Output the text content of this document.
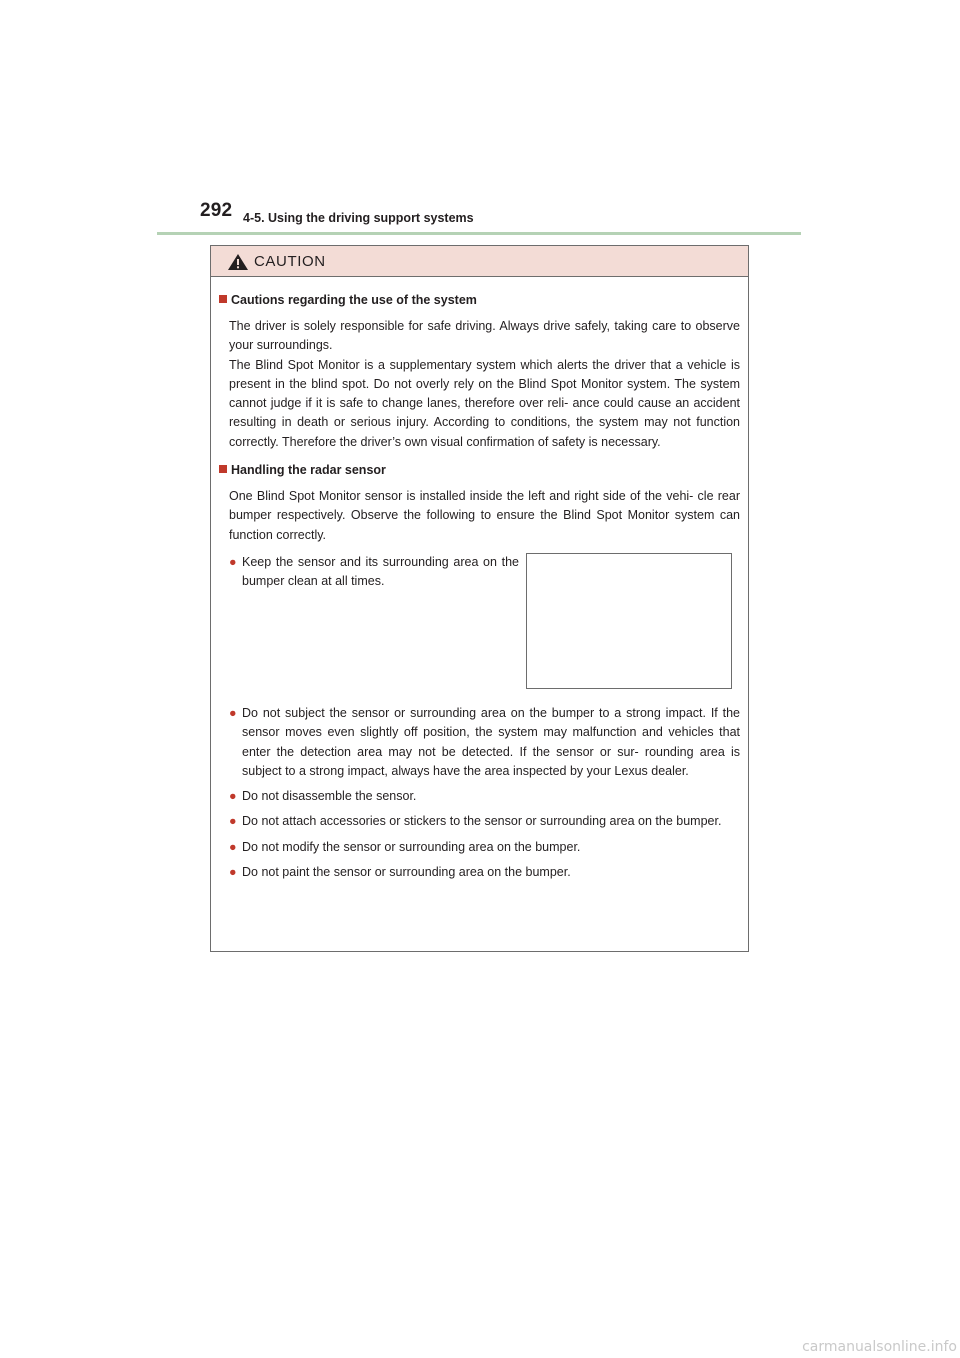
292 4-5. Using the driving support systems
CAUTION
Cautions regarding the use of the system

The driver is solely responsible for safe driving. Always drive safely, taking care to observe your surroundings.

The Blind Spot Monitor is a supplementary system which alerts the driver that a vehicle is present in the blind spot. Do not overly rely on the Blind Spot Monitor system. The system cannot judge if it is safe to change lanes, therefore over reli- ance could cause an accident resulting in death or serious injury. According to conditions, the system may not function correctly. Therefore the driver’s own visual confirmation of safety is necessary.

Handling the radar sensor

One Blind Spot Monitor sensor is installed inside the left and right side of the vehi- cle rear bumper respectively. Observe the following to ensure the Blind Spot Monitor system can function correctly.

● Keep the sensor and its surrounding area on the bumper clean at all times.
● Do not subject the sensor or surrounding area on the bumper to a strong impact. If the sensor moves even slightly off position, the system may malfunction and vehicles that enter the detection area may not be detected. If the sensor or sur- rounding area is subject to a strong impact, always have the area inspected by your Lexus dealer.
● Do not disassemble the sensor.
● Do not attach accessories or stickers to the sensor or surrounding area on the bumper.
● Do not modify the sensor or surrounding area on the bumper.
● Do not paint the sensor or surrounding area on the bumper.
carmanualsonline.info
